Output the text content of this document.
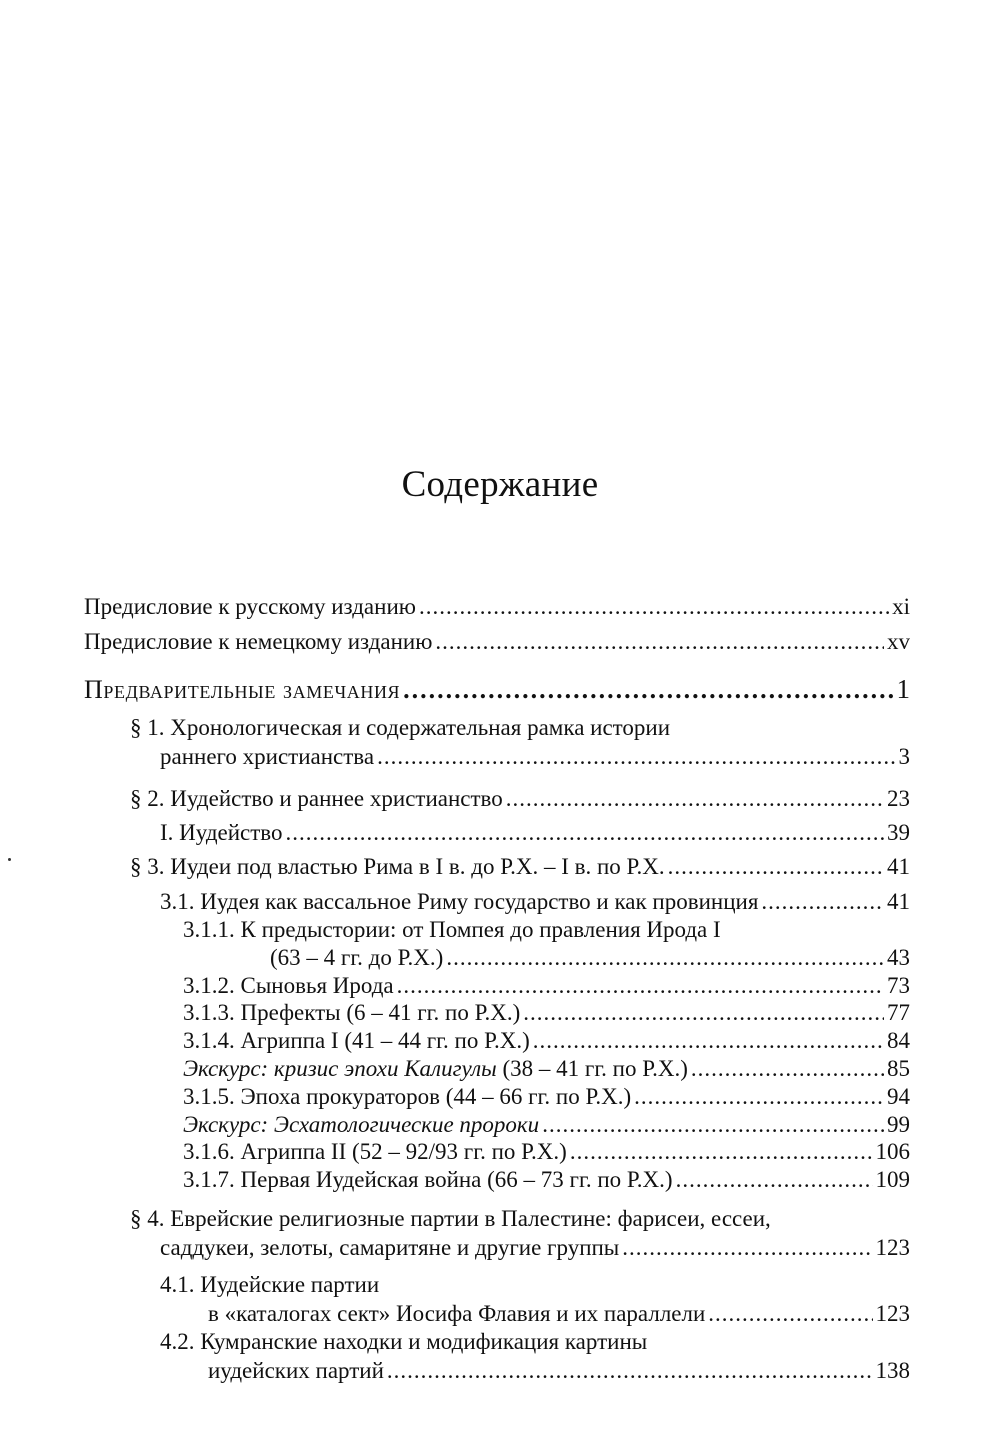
Содержание
Предисловие к русскому изданию .....	xi
Предисловие к немецкому изданию .....	xv
Предварительные замечания .....	1
§ 1. Хронологическая и содержательная рамка истории
раннего христианства .....	3
§ 2. Иудейство и раннее христианство .....	23
I. Иудейство .....	39
§ 3. Иудеи под властью Рима в I в. до Р.Х. – I в. по Р.Х. .....	41
3.1. Иудея как вассальное Риму государство и как провинция .....	41
3.1.1. К предыстории: от Помпея до правления Ирода I
(63 – 4 гг. до Р.Х.) .....	43
3.1.2. Сыновья Ирода .....	73
3.1.3. Префекты (6 – 41 гг. по Р.Х.) .....	77
3.1.4. Агриппа I (41 – 44 гг. по Р.Х.) .....	84
Экскурс: кризис эпохи Калигулы (38 – 41 гг. по Р.Х.) .....	85
3.1.5. Эпоха прокураторов (44 – 66 гг. по Р.Х.) .....	94
Экскурс: Эсхатологические пророки .....	99
3.1.6. Агриппа II (52 – 92/93 гг. по Р.Х.) .....	106
3.1.7. Первая Иудейская война (66 – 73 гг. по Р.Х.) .....	109
§ 4. Еврейские религиозные партии в Палестине: фарисеи, ессеи,
саддукеи, зелоты, самаритяне и другие группы .....	123
4.1. Иудейские партии
в «каталогах сект» Иосифа Флавия и их параллели .....	123
4.2. Кумранские находки и модификация картины
иудейских партий .....	138
